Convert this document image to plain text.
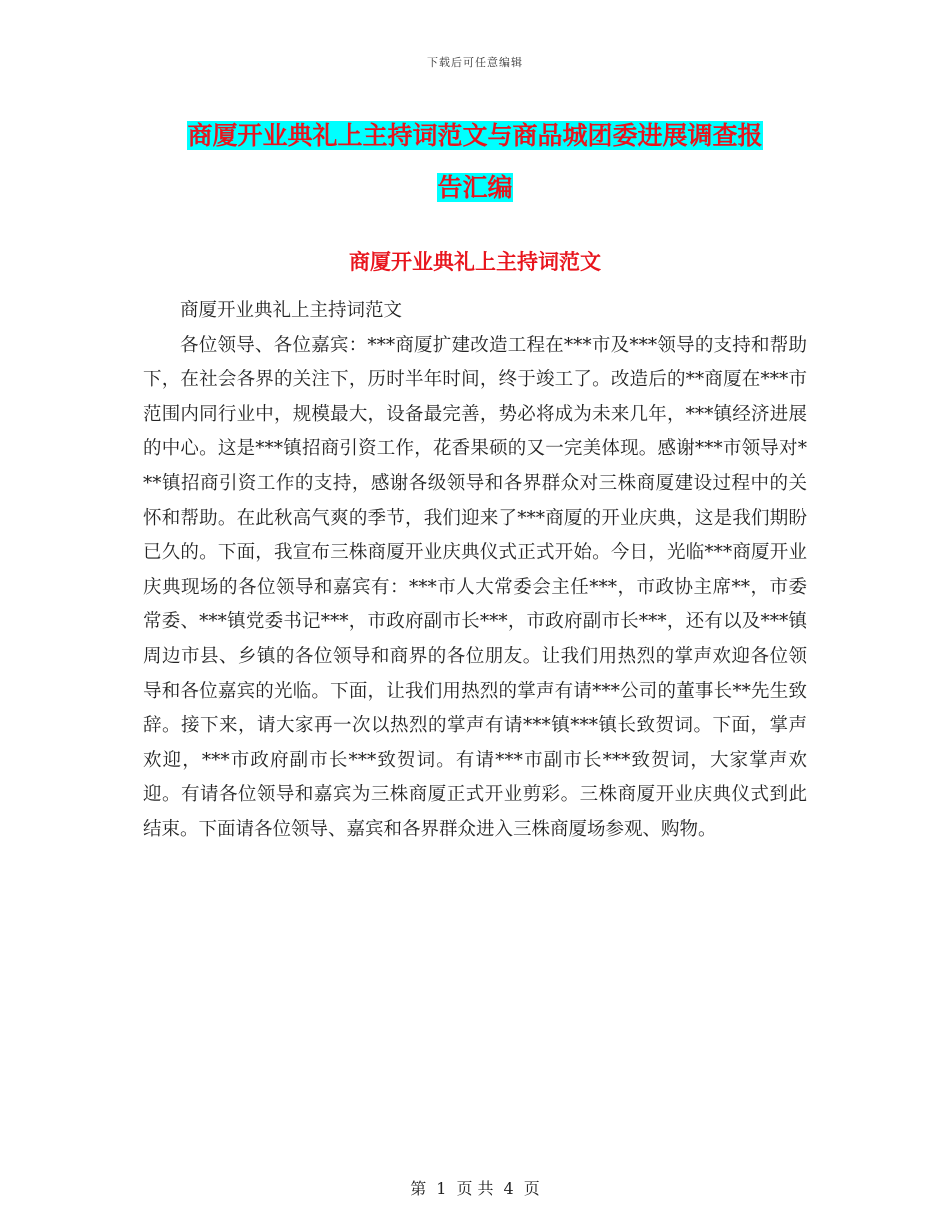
下载后可任意编辑
商厦开业典礼上主持词范文与商品城团委进展调查报
告汇编
商厦开业典礼上主持词范文

商厦开业典礼上主持词范文

各位领导、各位嘉宾：***商厦扩建改造工程在***市及***领导的支持和帮助下，在社会各界的关注下，历时半年时间，终于竣工了。改造后的**商厦在***市范围内同行业中，规模最大，设备最完善，势必将成为未来几年，***镇经济进展的中心。这是***镇招商引资工作，花香果硕的又一完美体现。感谢***市领导对***镇招商引资工作的支持，感谢各级领导和各界群众对三株商厦建设过程中的关怀和帮助。在此秋高气爽的季节，我们迎来了***商厦的开业庆典，这是我们期盼已久的。下面，我宣布三株商厦开业庆典仪式正式开始。今日，光临***商厦开业庆典现场的各位领导和嘉宾有：***市人大常委会主任***，市政协主席**，市委常委、***镇党委书记***，市政府副市长***，市政府副市长***，还有以及***镇周边市县、乡镇的各位领导和商界的各位朋友。让我们用热烈的掌声欢迎各位领导和各位嘉宾的光临。下面，让我们用热烈的掌声有请***公司的董事长**先生致辞。接下来，请大家再一次以热烈的掌声有请***镇***镇长致贺词。下面，掌声欢迎，***市政府副市长***致贺词。有请***市副市长***致贺词，大家掌声欢迎。有请各位领导和嘉宾为三株商厦正式开业剪彩。三株商厦开业庆典仪式到此结束。下面请各位领导、嘉宾和各界群众进入三株商厦场参观、购物。

第 1 页 共 4 页
